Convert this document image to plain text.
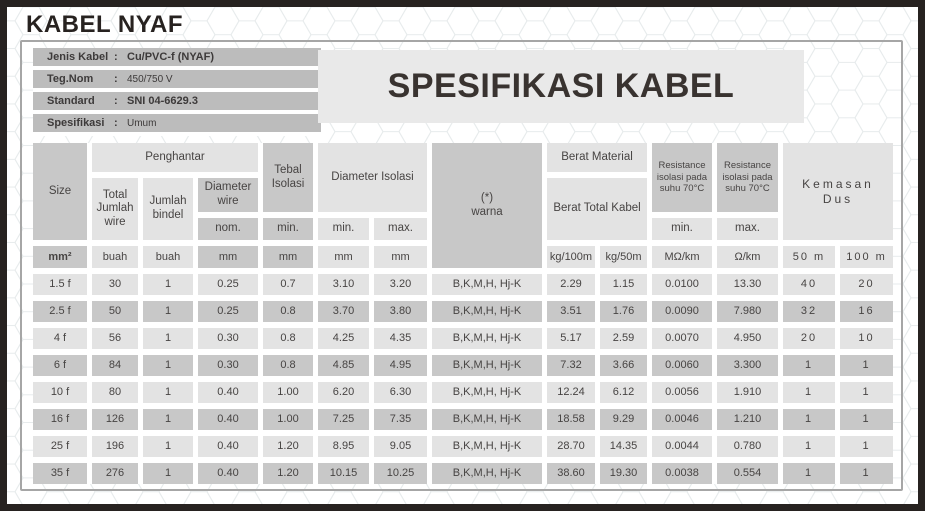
KABEL NYAF
Jenis Kabel : Cu/PVC-f (NYAF)
Teg.Nom	: 450/750 V
Standard	: SNI 04-6629.3
Spesifikasi : Umum
SPESIFIKASI KABEL
Size
Penghantar
Total Jumlah wire
Jumlah bindel
Diameter wire
nom.
Tebal Isolasi
min.
Diameter Isolasi
min.	max.
(*)
warna
Berat Material
Berat Total Kabel
Resistance isolasi pada suhu 70°C
min.
Resistance isolasi pada suhu 70°C
max.
Kemasan
Dus
mm²	buah	buah	mm	mm	mm	mm	kg/100m	kg/50m	MΩ/km	Ω/km	50 m	100 m
1.5 f	30	1	0.25	0.7	3.10	3.20	B,K,M,H, Hj-K	2.29	1.15	0.0100	13.30	40	20
2.5 f	50	1	0.25	0.8	3.70	3.80	B,K,M,H, Hj-K	3.51	1.76	0.0090	7.980	32	16
4 f	56	1	0.30	0.8	4.25	4.35	B,K,M,H, Hj-K	5.17	2.59	0.0070	4.950	20	10
6 f	84	1	0.30	0.8	4.85	4.95	B,K,M,H, Hj-K	7.32	3.66	0.0060	3.300	1	1
10 f	80	1	0.40	1.00	6.20	6.30	B,K,M,H, Hj-K	12.24	6.12	0.0056	1.910	1	1
16 f	126	1	0.40	1.00	7.25	7.35	B,K,M,H, Hj-K	18.58	9.29	0.0046	1.210	1	1
25 f	196	1	0.40	1.20	8.95	9.05	B,K,M,H, Hj-K	28.70	14.35	0.0044	0.780	1	1
35 f	276	1	0.40	1.20	10.15	10.25	B,K,M,H, Hj-K	38.60	19.30	0.0038	0.554	1	1
